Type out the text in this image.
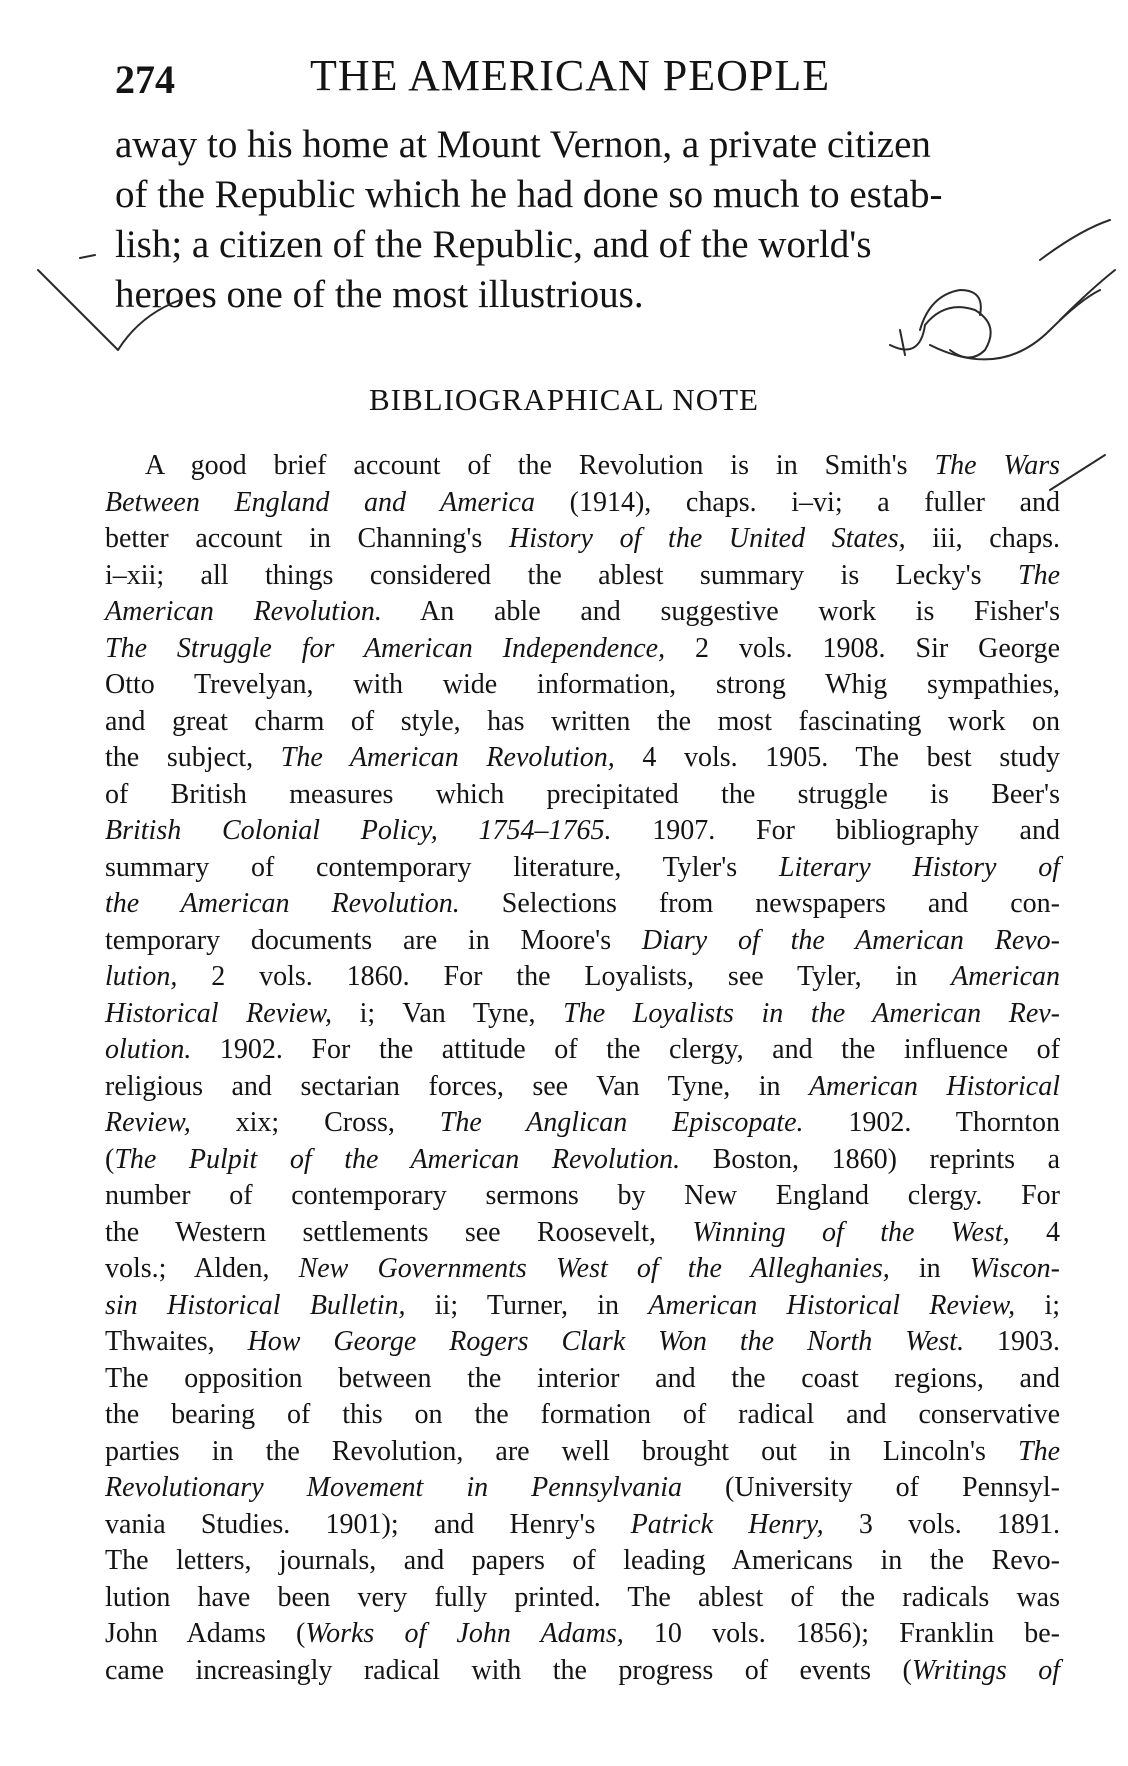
274	THE AMERICAN PEOPLE
away to his home at Mount Vernon, a private citizen
of the Republic which he had done so much to estab-
lish; a citizen of the Republic, and of the world's
heroes one of the most illustrious.
BIBLIOGRAPHICAL NOTE
A good brief account of the Revolution is in Smith's The Wars
Between England and America (1914), chaps. i–vi; a fuller and
better account in Channing's History of the United States, iii, chaps.
i–xii; all things considered the ablest summary is Lecky's The
American Revolution. An able and suggestive work is Fisher's
The Struggle for American Independence, 2 vols. 1908. Sir George
Otto Trevelyan, with wide information, strong Whig sympathies,
and great charm of style, has written the most fascinating work on
the subject, The American Revolution, 4 vols. 1905. The best study
of British measures which precipitated the struggle is Beer's
British Colonial Policy, 1754–1765. 1907. For bibliography and
summary of contemporary literature, Tyler's Literary History of
the American Revolution. Selections from newspapers and con-
temporary documents are in Moore's Diary of the American Revo-
lution, 2 vols. 1860. For the Loyalists, see Tyler, in American
Historical Review, i; Van Tyne, The Loyalists in the American Rev-
olution. 1902. For the attitude of the clergy, and the influence of
religious and sectarian forces, see Van Tyne, in American Historical
Review, xix; Cross, The Anglican Episcopate. 1902. Thornton
(The Pulpit of the American Revolution. Boston, 1860) reprints a
number of contemporary sermons by New England clergy. For
the Western settlements see Roosevelt, Winning of the West, 4
vols.; Alden, New Governments West of the Alleghanies, in Wiscon-
sin Historical Bulletin, ii; Turner, in American Historical Review, i;
Thwaites, How George Rogers Clark Won the North West. 1903.
The opposition between the interior and the coast regions, and
the bearing of this on the formation of radical and conservative
parties in the Revolution, are well brought out in Lincoln's The
Revolutionary Movement in Pennsylvania (University of Pennsyl-
vania Studies. 1901); and Henry's Patrick Henry, 3 vols. 1891.
The letters, journals, and papers of leading Americans in the Revo-
lution have been very fully printed. The ablest of the radicals was
John Adams (Works of John Adams, 10 vols. 1856); Franklin be-
came increasingly radical with the progress of events (Writings of
